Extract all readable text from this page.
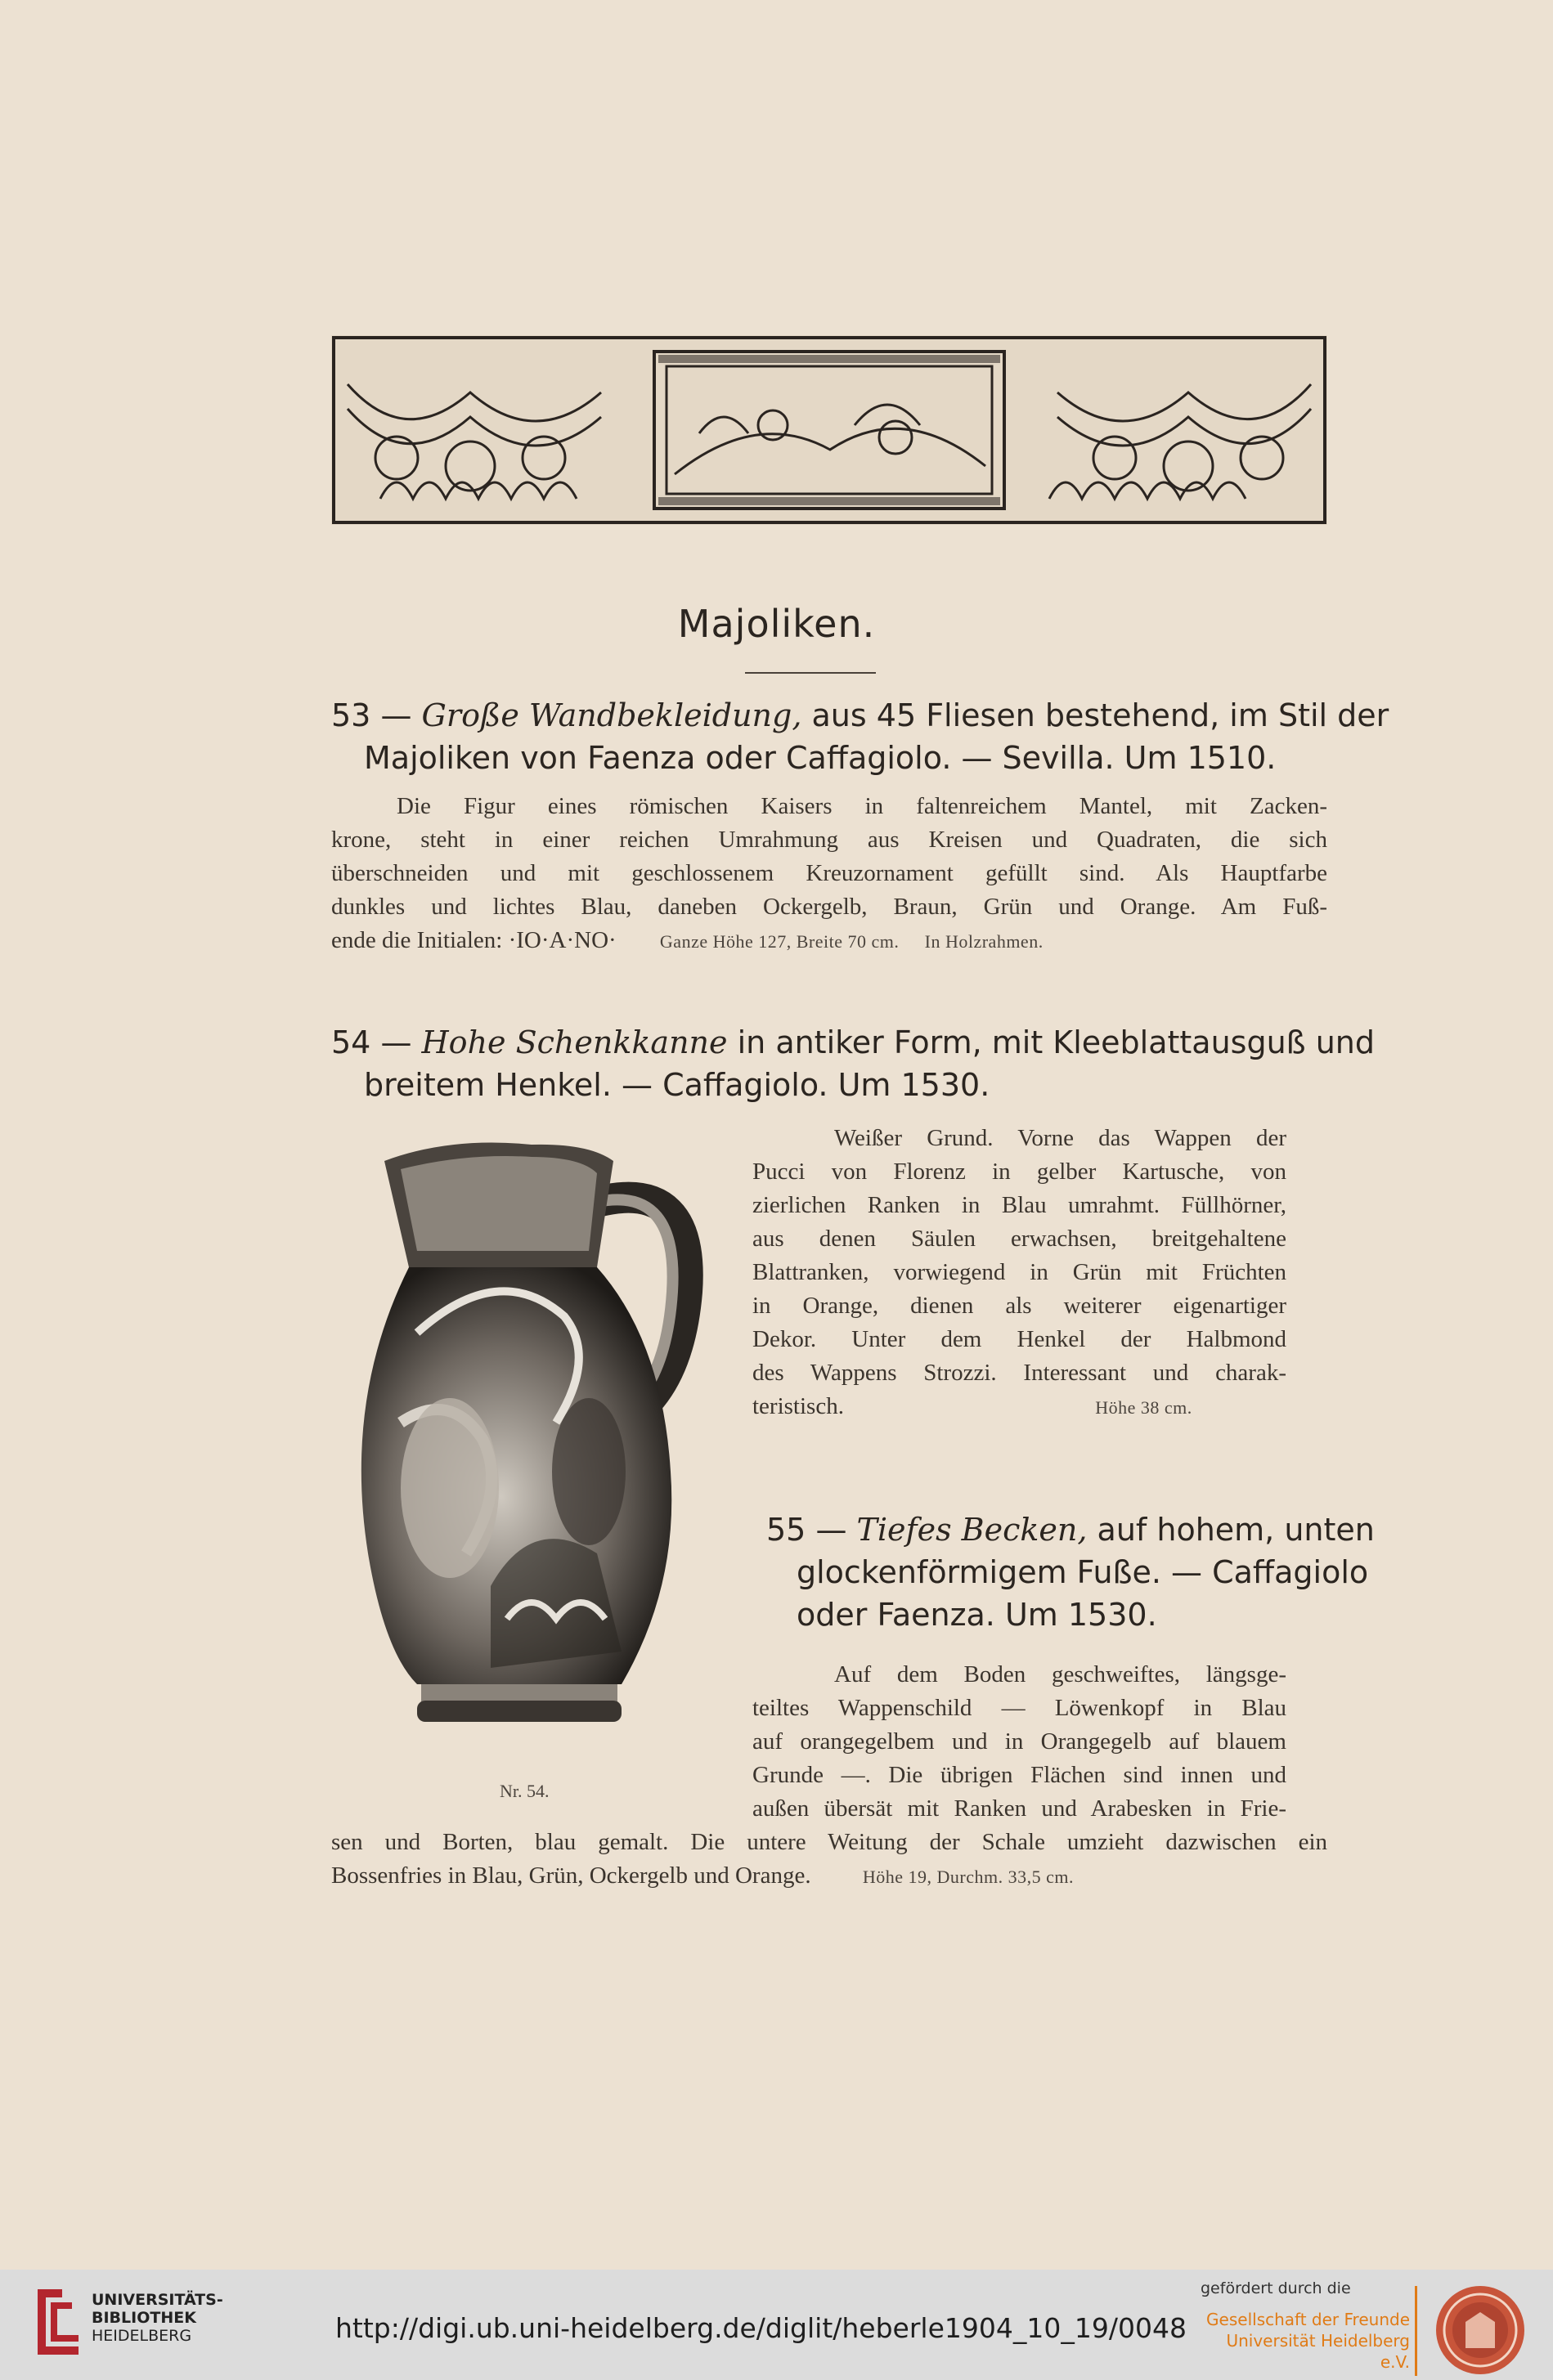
Majoliken.
53 — Große Wandbekleidung, aus 45 Fliesen bestehend, im Stil der
Majoliken von Faenza oder Caffagiolo. — Sevilla. Um 1510.
Die Figur eines römischen Kaisers in faltenreichem Mantel, mit Zacken-
krone, steht in einer reichen Umrahmung aus Kreisen und Quadraten, die sich
überschneiden und mit geschlossenem Kreuzornament gefüllt sind. Als Hauptfarbe
dunkles und lichtes Blau, daneben Ockergelb, Braun, Grün und Orange. Am Fuß-
ende die Initialen: ·IO·A·NO· Ganze Höhe 127, Breite 70 cm. In Holzrahmen.
54 — Hohe Schenkkanne in antiker Form, mit Kleeblattausguß und
breitem Henkel. — Caffagiolo. Um 1530.
Nr. 54.
Weißer Grund. Vorne das Wappen der
Pucci von Florenz in gelber Kartusche, von
zierlichen Ranken in Blau umrahmt. Füllhörner,
aus denen Säulen erwachsen, breitgehaltene
Blattranken, vorwiegend in Grün mit Früchten
in Orange, dienen als weiterer eigenartiger
Dekor. Unter dem Henkel der Halbmond
des Wappens Strozzi. Interessant und charak-
teristisch.	Höhe 38 cm.
55 — Tiefes Becken, auf hohem, unten
glockenförmigem Fuße. — Caffagiolo
oder Faenza. Um 1530.
Auf dem Boden geschweiftes, längsge-
teiltes Wappenschild — Löwenkopf in Blau
auf orangegelbem und in Orangegelb auf blauem
Grunde —. Die übrigen Flächen sind innen und
außen übersät mit Ranken und Arabesken in Frie-
sen und Borten, blau gemalt. Die untere Weitung der Schale umzieht dazwischen ein
Bossenfries in Blau, Grün, Ockergelb und Orange.	Höhe 19, Durchm. 33,5 cm.
UNIVERSITÄTS-
BIBLIOTHEK
HEIDELBERG	http://digi.ub.uni-heidelberg.de/diglit/heberle1904_10_19/0048
gefördert durch die
Gesellschaft der Freunde
Universität Heidelberg e.V.
